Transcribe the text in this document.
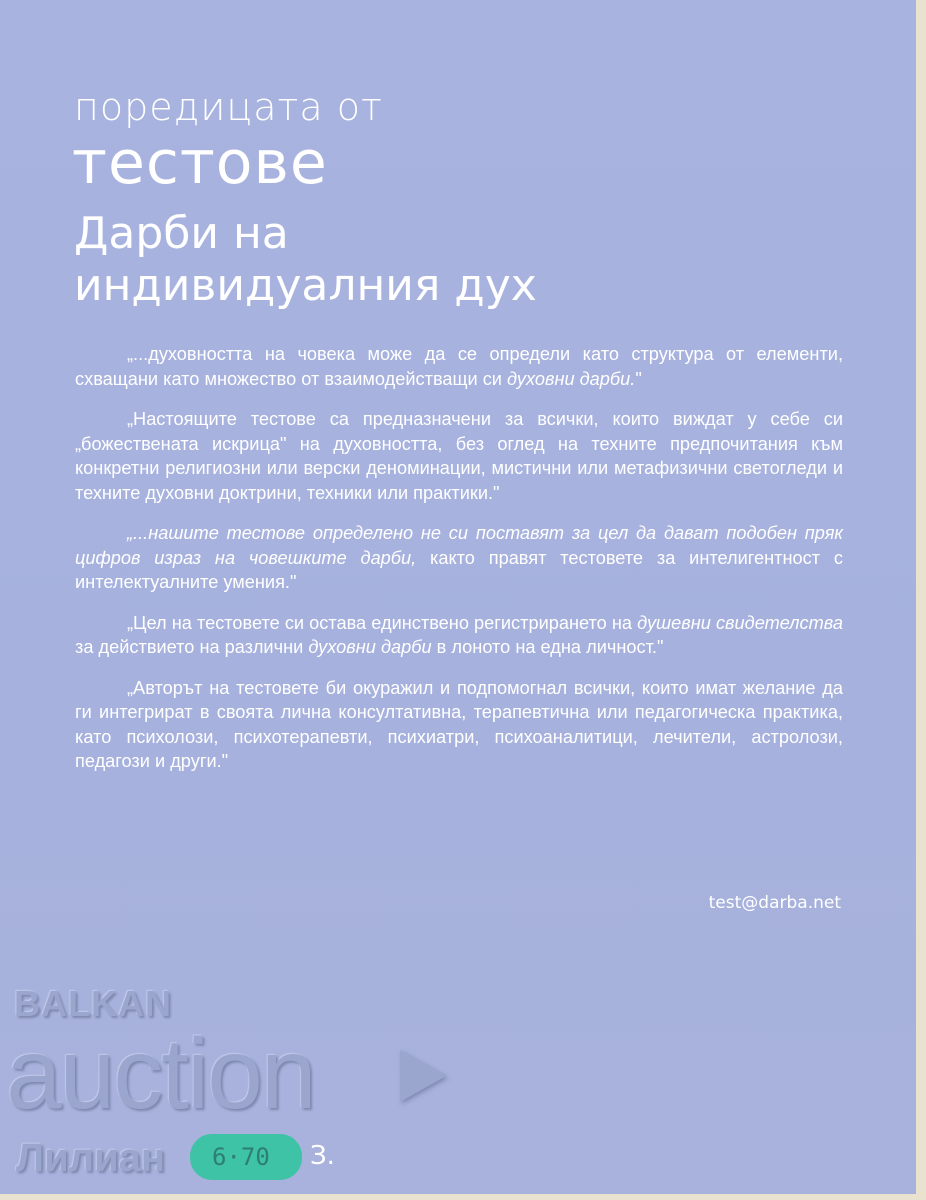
поредицата от
тестове
Дарби на
индивидуалния дух

„...духовността на човека може да се определи като структура от елементи, схващани като множество от взаимодействащи си духовни дарби."

„Настоящите тестове са предназначени за всички, които виждат у себе си „божествената искрица" на духовността, без оглед на техните предпочитания към конкретни религиозни или верски деноминации, мистични или метафизични светогледи и техните духовни доктрини, техники или практики."

„...нашите тестове определено не си поставят за цел да дават подобен пряк цифров израз на човешките дарби, както правят тестовете за интелигентност с интелектуалните умения."

„Цел на тестовете си остава единствено регистрирането на душевни свидетелства за действието на различни духовни дарби в лоното на една личност."

„Авторът на тестовете би окуражил и подпомогнал всички, които имат желание да ги интегрират в своята лична консултативна, терапевтична или педагогическа практика, като психолози, психотерапевти, психиатри, психоаналитици, лечители, астролози, педагози и други."

test@darba.net
BALKAN
auction
Лилиан	6·70	З.
